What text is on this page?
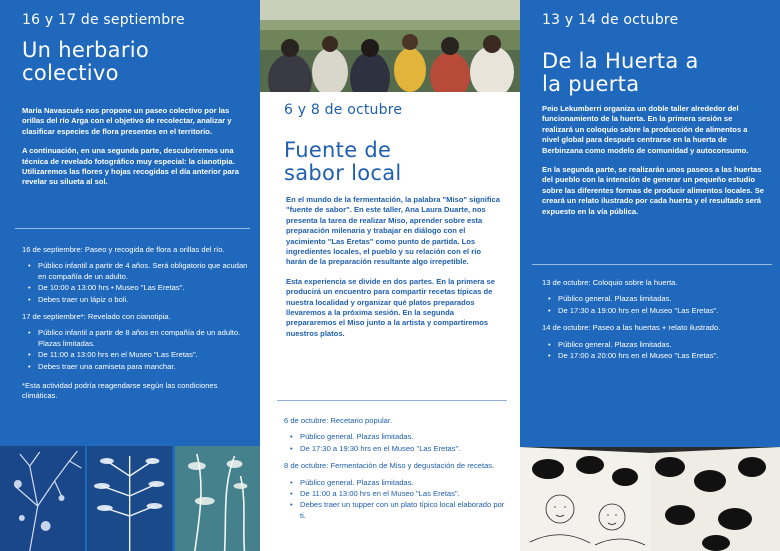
16 y 17 de septiembre
Un herbario
colectivo

María Navascués nos propone un paseo colectivo por las orillas del río Arga con el objetivo de recolectar, analizar y clasificar especies de flora presentes en el territorio.

A continuación, en una segunda parte, descubriremos una técnica de revelado fotográfico muy especial: la cianotipia. Utilizaremos las flores y hojas recogidas el día anterior para revelar su silueta al sol.

16 de septiembre: Paseo y recogida de flora a orillas del río.

• Público infantil a partir de 4 años. Será obligatorio que acudan en compañía de un adulto.
• De 10:00 a 13:00 hrs • Museo "Las Eretas".
• Debes traer un lápiz o boli.

17 de septiembre*: Revelado con cianotipia.

• Público infantil a partir de 8 años en compañía de un adulto. Plazas limitadas.
• De 11:00 a 13:00 hrs en el Museo "Las Eretas".
• Debes traer una camiseta para manchar.

*Esta actividad podría reagendarse según las condiciones climáticas.

6 y 8 de octubre
Fuente de
sabor local

En el mundo de la fermentación, la palabra "Miso" significa "fuente de sabor". En este taller, Ana Laura Duarte, nos presenta la tarea de realizar Miso, aprender sobre esta preparación milenaria y trabajar en diálogo con el yacimiento "Las Eretas" como punto de partida. Los ingredientes locales, el pueblo y su relación con el río harán de la preparación resultante algo irrepetible.

Esta experiencia se divide en dos partes. En la primera se producirá un encuentro para compartir recetas típicas de nuestra localidad y organizar qué platos preparados llevaremos a la próxima sesión. En la segunda prepararemos el Miso junto a la artista y compartiremos nuestros platos.

6 de octubre: Recetario popular.

• Público general. Plazas limitadas.
• De 17:30 a 19:30 hrs en el Museo "Las Eretas".

8 de octubre: Fermentación de Miso y degustación de recetas.

• Público general. Plazas limitadas.
• De 11:00 a 13:00 hrs en el Museo "Las Eretas".
• Debes traer un tupper con un plato típico local elaborado por ti.
13 y 14 de octubre
De la Huerta a
la puerta

Peio Lekumberri organiza un doble taller alrededor del funcionamiento de la huerta. En la primera sesión se realizará un coloquio sobre la producción de alimentos a nivel global para después centrarse en la huerta de Berbinzana como modelo de comunidad y autoconsumo.

En la segunda parte, se realizarán unos paseos a las huertas del pueblo con la intención de generar un pequeño estudio sobre las diferentes formas de producir alimentos locales. Se creará un relato ilustrado por cada huerta y el resultado será expuesto en la vía pública.

13 de octubre: Coloquio sobre la huerta.

• Público general. Plazas limitadas.
• De 17:30 a 19:00 hrs en el Museo "Las Eretas".

14 de octubre: Paseo a las huertas + relato ilustrado.

• Público general. Plazas limitadas.
• De 17:00 a 20:00 hrs en el Museo "Las Eretas".
